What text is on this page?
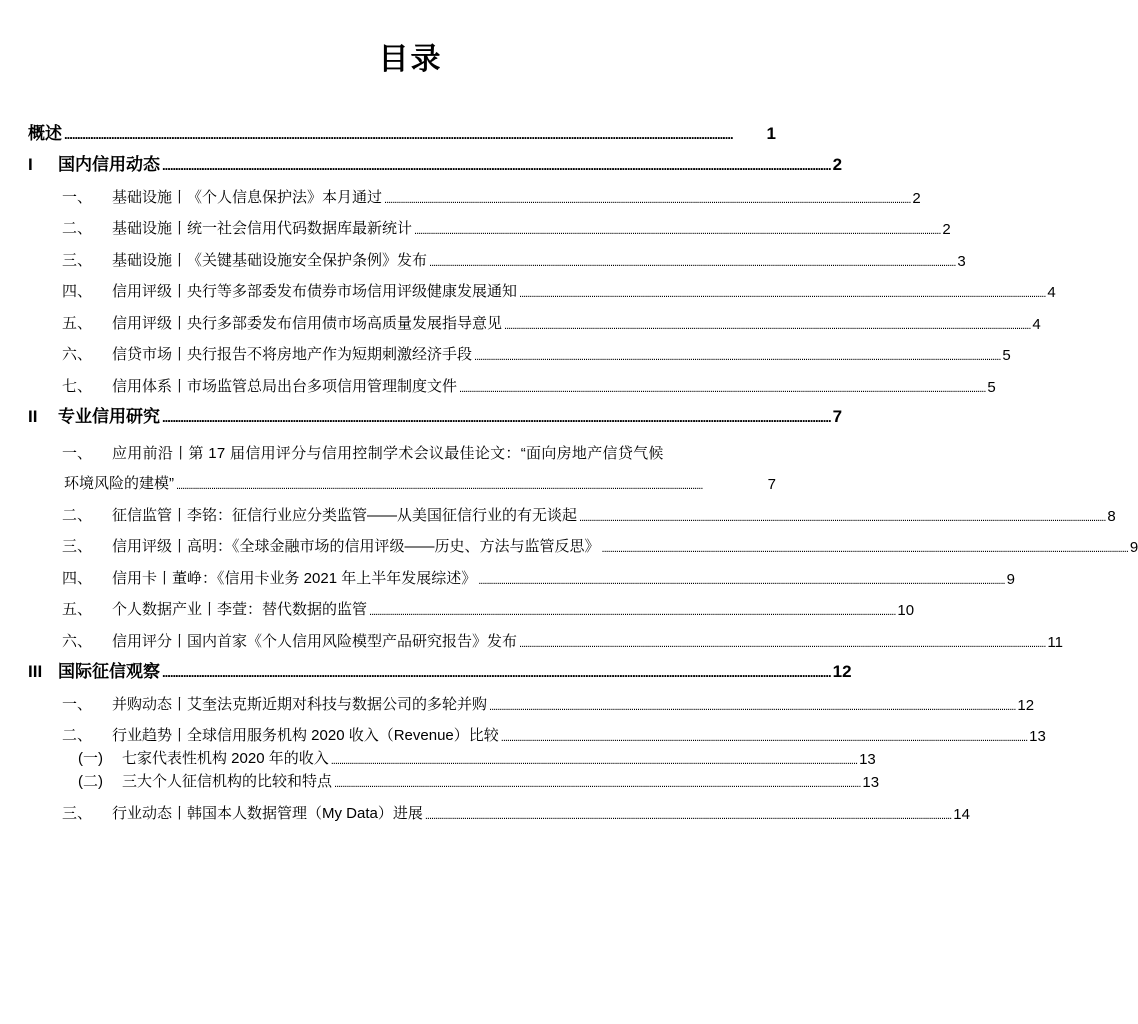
目录
概述 .....	1
I	国内信用动态 .....	2
一、	基础设施丨《个人信息保护法》本月通过 .....	2
二、	基础设施丨统一社会信用代码数据库最新统计 .....	2
三、	基础设施丨《关键基础设施安全保护条例》发布 .....	3
四、	信用评级丨央行等多部委发布债券市场信用评级健康发展通知 .....	4
五、	信用评级丨央行多部委发布信用债市场高质量发展指导意见 .....	4
六、	信贷市场丨央行报告不将房地产作为短期刺激经济手段 .....	5
七、	信用体系丨市场监管总局出台多项信用管理制度文件 .....	5
II	专业信用研究 .....	7
一、	应用前沿丨第 17 届信用评分与信用控制学术会议最佳论文：“面向房地产信贷气候
环境风险的建模” .....	7
二、	征信监管丨李铭：征信行业应分类监管——从美国征信行业的有无谈起 .....	8
三、	信用评级丨高明：《全球金融市场的信用评级——历史、方法与监管反思》 .....	9
四、	信用卡丨董峥：《信用卡业务 2021 年上半年发展综述》 .....	9
五、	个人数据产业丨李萱：替代数据的监管 .....	10
六、	信用评分丨国内首家《个人信用风险模型产品研究报告》发布 .....	11
III 国际征信观察 .....	12
一、	并购动态丨艾奎法克斯近期对科技与数据公司的多轮并购 .....	12
二、	行业趋势丨全球信用服务机构 2020 收入（Revenue）比较 .....	13
(一)	七家代表性机构 2020 年的收入 .....	13
(二)	三大个人征信机构的比较和特点 .....	13
三、	行业动态丨韩国本人数据管理（My Data）进展 .....	14
